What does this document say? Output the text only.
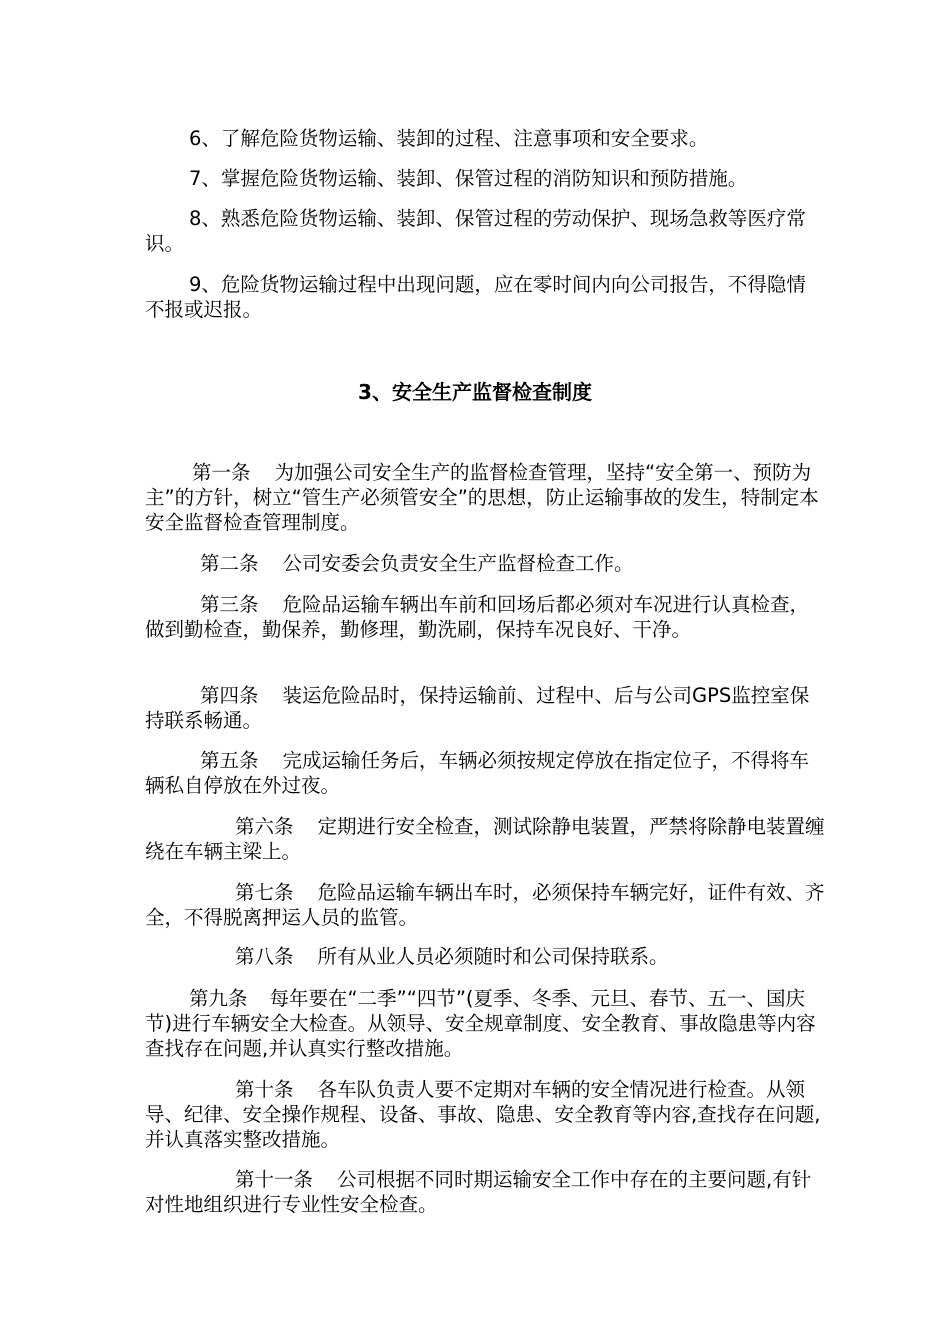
6、了解危险货物运输、装卸的过程、注意事项和安全要求。

7、掌握危险货物运输、装卸、保管过程的消防知识和预防措施。

8、熟悉危险货物运输、装卸、保管过程的劳动保护、现场急救等医疗常识。

9、危险货物运输过程中出现问题，应在零时间内向公司报告，不得隐情不报或迟报。

3、安全生产监督检查制度

第一条 为加强公司安全生产的监督检查管理，坚持“安全第一、预防为主”的方针，树立“管生产必须管安全”的思想，防止运输事故的发生，特制定本安全监督检查管理制度。

第二条 公司安委会负责安全生产监督检查工作。

第三条 危险品运输车辆出车前和回场后都必须对车况进行认真检查，做到勤检查，勤保养，勤修理，勤洗刷，保持车况良好、干净。

第四条 装运危险品时，保持运输前、过程中、后与公司GPS监控室保持联系畅通。

第五条 完成运输任务后，车辆必须按规定停放在指定位子，不得将车辆私自停放在外过夜。

第六条 定期进行安全检查，测试除静电装置，严禁将除静电装置缠绕在车辆主梁上。

第七条 危险品运输车辆出车时，必须保持车辆完好，证件有效、齐全，不得脱离押运人员的监管。

第八条 所有从业人员必须随时和公司保持联系。

第九条 每年要在“二季”“四节”(夏季、冬季、元旦、春节、五一、国庆节)进行车辆安全大检查。从领导、安全规章制度、安全教育、事故隐患等内容查找存在问题,并认真实行整改措施。

第十条 各车队负责人要不定期对车辆的安全情况进行检查。从领导、纪律、安全操作规程、设备、事故、隐患、安全教育等内容,查找存在问题,并认真落实整改措施。

第十一条 公司根据不同时期运输安全工作中存在的主要问题,有针对性地组织进行专业性安全检查。
